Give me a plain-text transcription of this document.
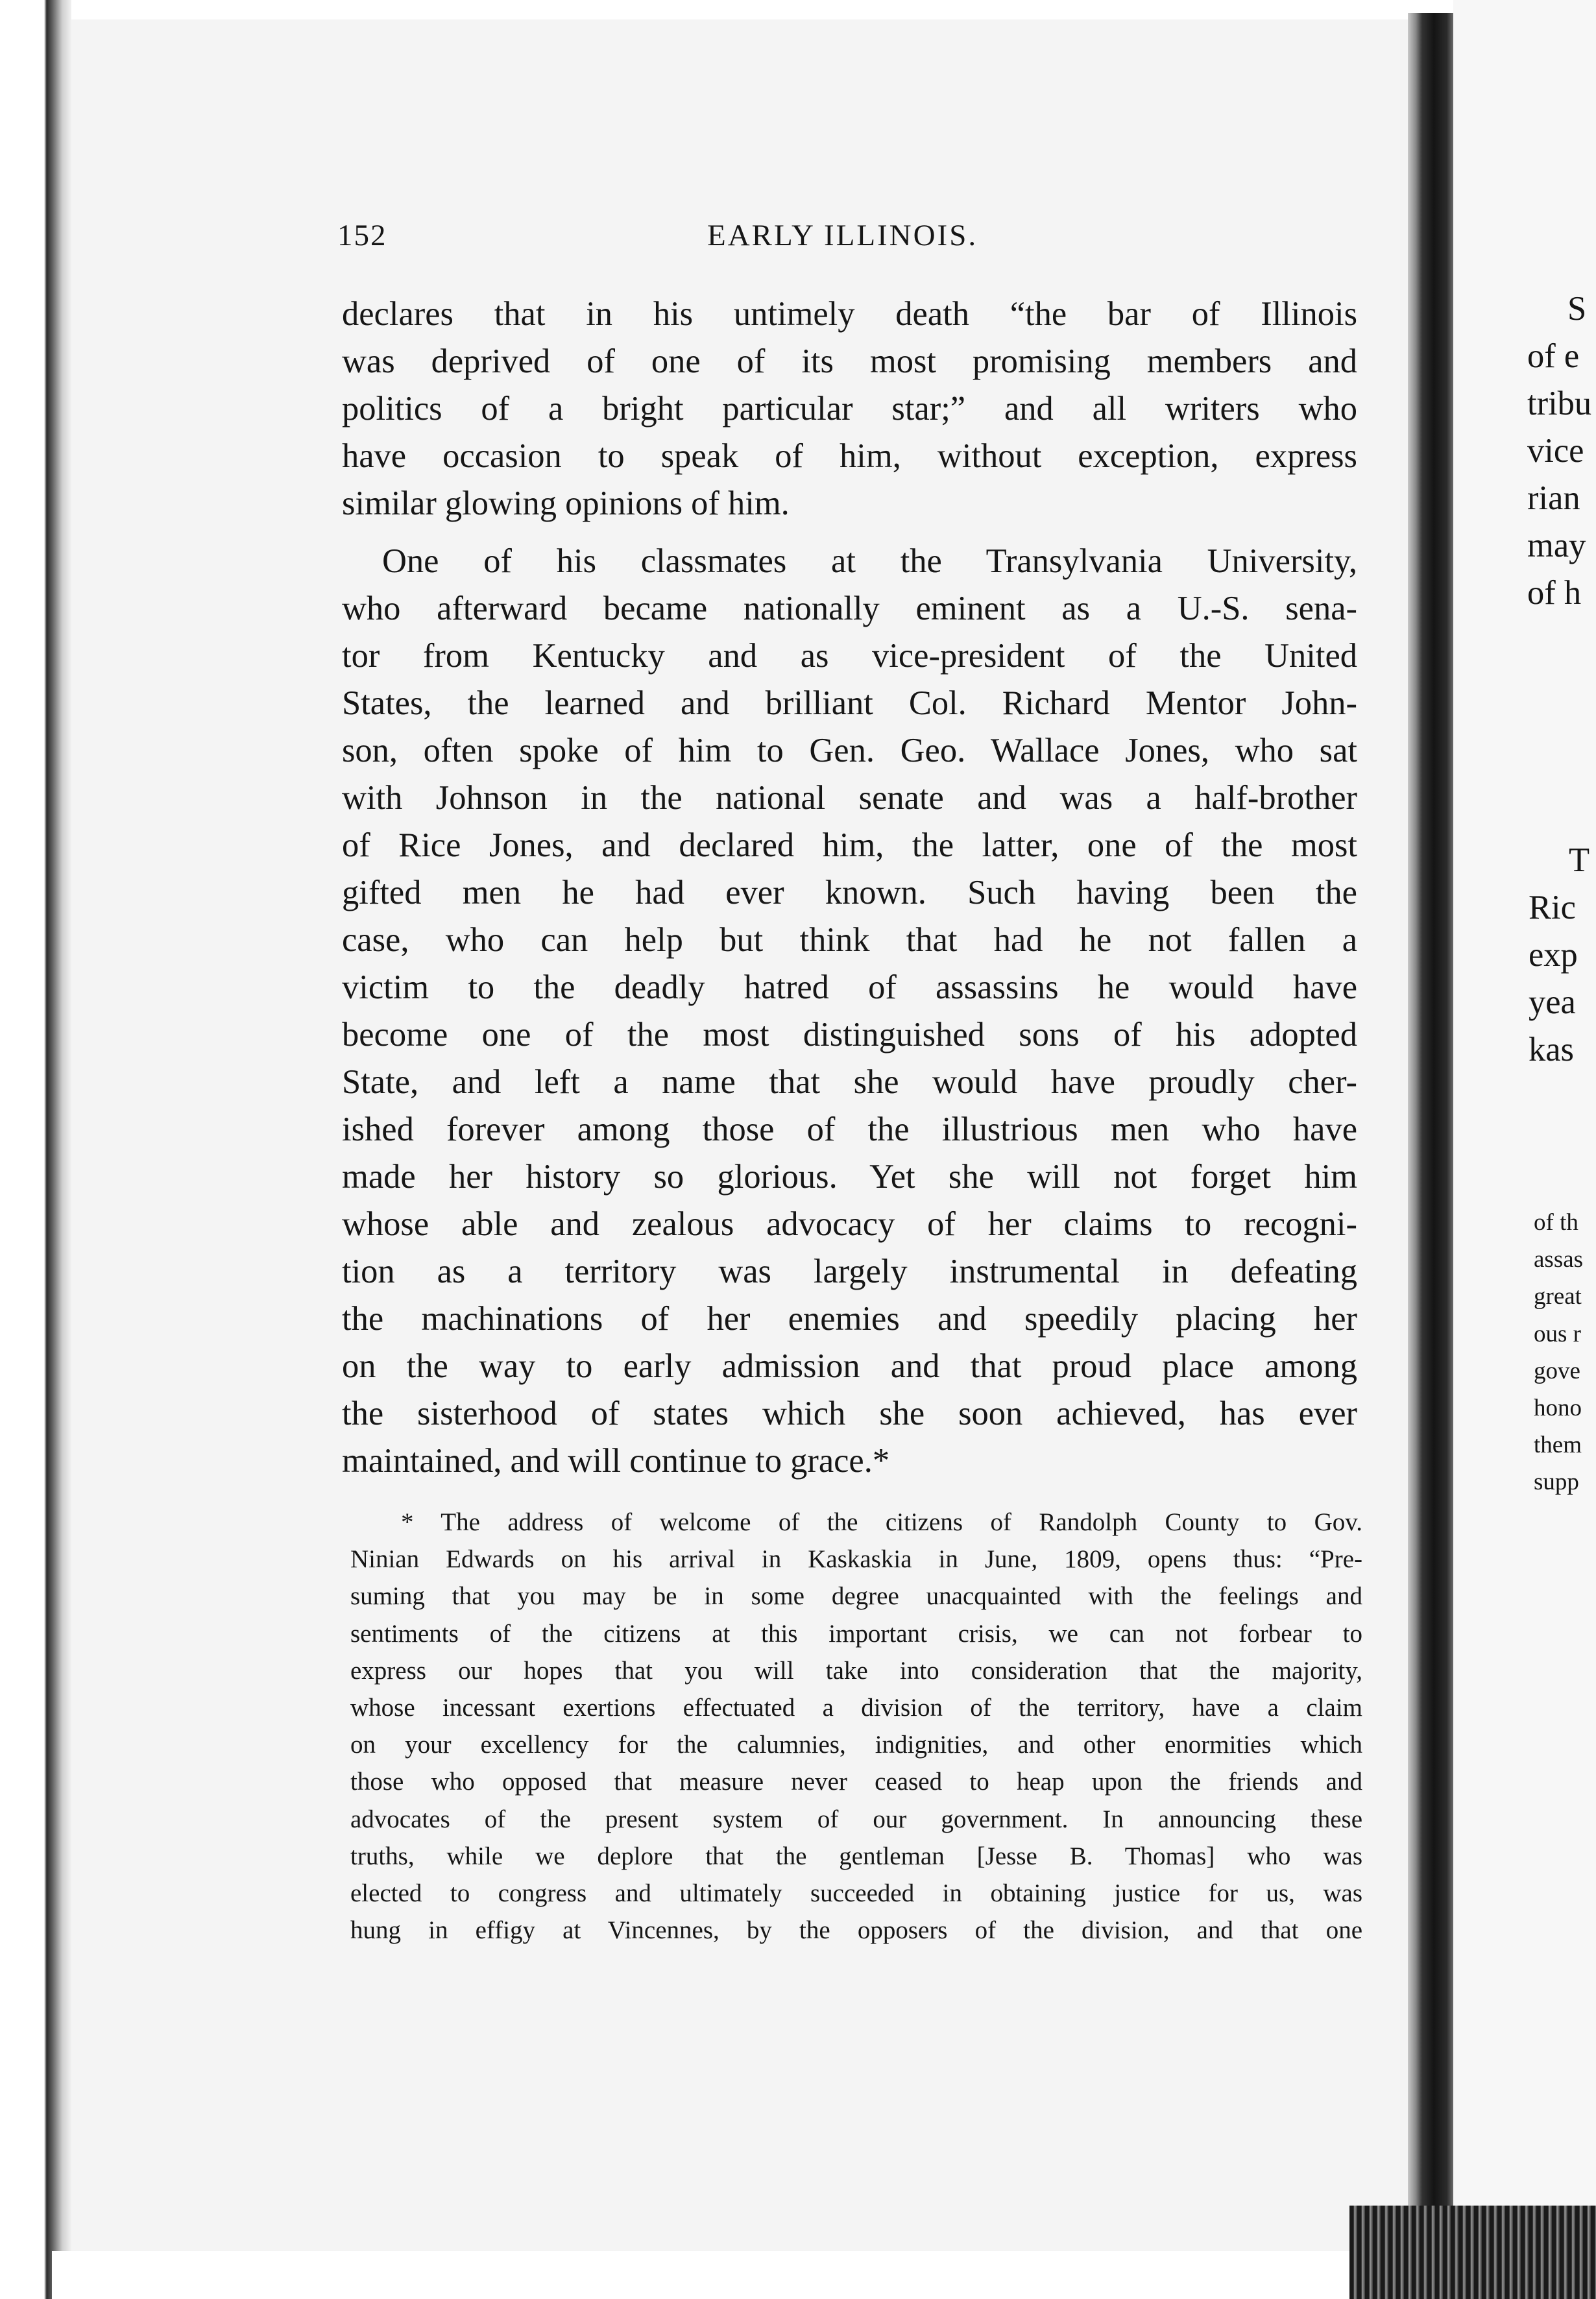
152	EARLY ILLINOIS.
declares that in his untimely death “the bar of Illinois
was deprived of one of its most promising members and
politics of a bright particular star;” and all writers who
have occasion to speak of him, without exception, express
similar glowing opinions of him.
One of his classmates at the Transylvania University,
who afterward became nationally eminent as a U.-S. sena-
tor from Kentucky and as vice-president of the United
States, the learned and brilliant Col. Richard Mentor John-
son, often spoke of him to Gen. Geo. Wallace Jones, who sat
with Johnson in the national senate and was a half-brother
of Rice Jones, and declared him, the latter, one of the most
gifted men he had ever known. Such having been the
case, who can help but think that had he not fallen a
victim to the deadly hatred of assassins he would have
become one of the most distinguished sons of his adopted
State, and left a name that she would have proudly cher-
ished forever among those of the illustrious men who have
made her history so glorious. Yet she will not forget him
whose able and zealous advocacy of her claims to recogni-
tion as a territory was largely instrumental in defeating
the machinations of her enemies and speedily placing her
on the way to early admission and that proud place among
the sisterhood of states which she soon achieved, has ever
maintained, and will continue to grace.*
* The address of welcome of the citizens of Randolph County to Gov.
Ninian Edwards on his arrival in Kaskaskia in June, 1809, opens thus: “Pre-
suming that you may be in some degree unacquainted with the feelings and
sentiments of the citizens at this important crisis, we can not forbear to
express our hopes that you will take into consideration that the majority,
whose incessant exertions effectuated a division of the territory, have a claim
on your excellency for the calumnies, indignities, and other enormities which
those who opposed that measure never ceased to heap upon the friends and
advocates of the present system of our government. In announcing these
truths, while we deplore that the gentleman [Jesse B. Thomas] who was
elected to congress and ultimately succeeded in obtaining justice for us, was
hung in effigy at Vincennes, by the opposers of the division, and that one
S
of e
tribu
vice
rian
may
of h
T
Ric
exp
yea
kas
of th
assas
great
ous r
gove
hono
them
supp
